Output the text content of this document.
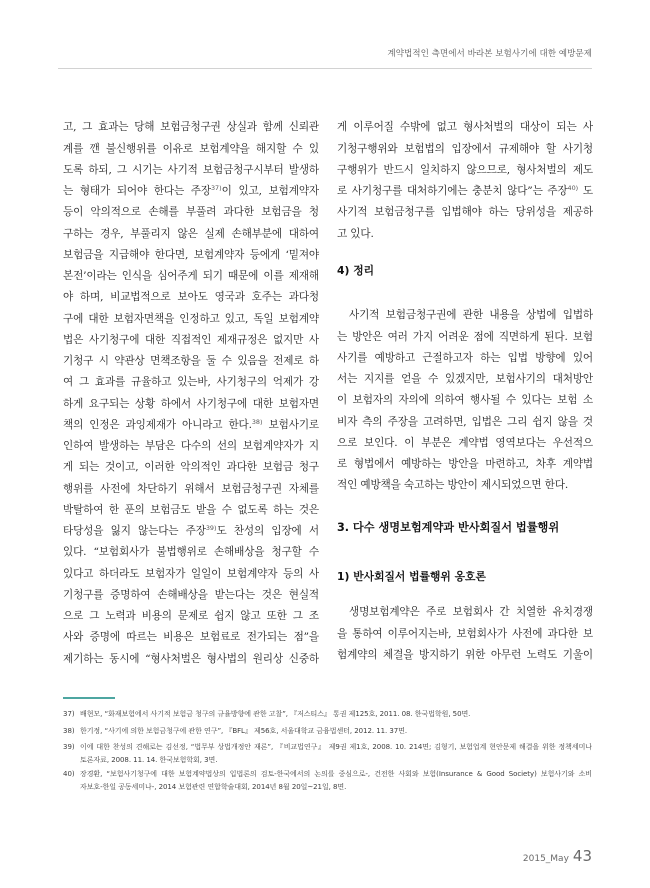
계약법적인 측면에서 바라본 보험사기에 대한 예방문제
고, 그 효과는 당해 보험금청구권 상실과 함께 신뢰관
계를 깬 불신행위를 이유로 보험계약을 해지할 수 있
도록 하되, 그 시기는 사기적 보험금청구시부터 발생하
는 형태가 되어야 한다는 주장$^{37)}$이 있고, 보험계약자
등이 악의적으로 손해를 부풀려 과다한 보험금을 청
구하는 경우, 부풀리지 않은 실제 손해부분에 대하여
보험금을 지급해야 한다면, 보험계약자 등에게 ‘밑져야
본전’이라는 인식을 심어주게 되기 때문에 이를 제재해
야 하며, 비교법적으로 보아도 영국과 호주는 과다청
구에 대한 보험자면책을 인정하고 있고, 독일 보험계약
법은 사기청구에 대한 직접적인 제재규정은 없지만 사
기청구 시 약관상 면책조항을 둘 수 있음을 전제로 하
여 그 효과를 규율하고 있는바, 사기청구의 억제가 강
하게 요구되는 상황 하에서 사기청구에 대한 보험자면
책의 인정은 과잉제재가 아니라고 한다.$^{38)}$ 보험사기로
인하여 발생하는 부담은 다수의 선의 보험계약자가 지
게 되는 것이고, 이러한 악의적인 과다한 보험금 청구
행위를 사전에 차단하기 위해서 보험금청구권 자체를
박탈하여 한 푼의 보험금도 받을 수 없도록 하는 것은
타당성을 잃지 않는다는 주장$^{39)}$도 찬성의 입장에 서
있다. “보험회사가 불법행위로 손해배상을 청구할 수
있다고 하더라도 보험자가 일일이 보험계약자 등의 사
기청구를 증명하여 손해배상을 받는다는 것은 현실적
으로 그 노력과 비용의 문제로 쉽지 않고 또한 그 조
사와 증명에 따르는 비용은 보험료로 전가되는 점”을
제기하는 동시에 “형사처벌은 형사법의 원리상 신중하
게 이루어질 수밖에 없고 형사처벌의 대상이 되는 사
기청구행위와 보험법의 입장에서 규제해야 할 사기청
구행위가 반드시 일치하지 않으므로, 형사처벌의 제도
로 사기청구를 대처하기에는 충분치 않다”는 주장$^{40)}$ 도
사기적 보험금청구를 입법해야 하는 당위성을 제공하
고 있다.
4) 정리
사기적 보험금청구권에 관한 내용을 상법에 입법하
는 방안은 여러 가지 어려운 점에 직면하게 된다. 보험
사기를 예방하고 근절하고자 하는 입법 방향에 있어
서는 지지를 얻을 수 있겠지만, 보험사기의 대처방안
이 보험자의 자의에 의하여 행사될 수 있다는 보험 소
비자 측의 주장을 고려하면, 입법은 그리 쉽지 않을 것
으로 보인다. 이 부분은 계약법 영역보다는 우선적으
로 형법에서 예방하는 방안을 마련하고, 차후 계약법
적인 예방책을 숙고하는 방안이 제시되었으면 한다.
3. 다수 생명보험계약과 반사회질서 법률행위
1) 반사회질서 법률행위 옹호론
생명보험계약은 주로 보험회사 간 치열한 유치경쟁
을 통하여 이루어지는바, 보험회사가 사전에 과다한 보
험계약의 체결을 방지하기 위한 아무런 노력도 기울이
37) 배현모, “화재보험에서 사기적 보험금 청구의 규율방향에 관한 고찰”, 『저스티스』 통권 제125호, 2011. 08. 한국법학원, 50면.
38) 한기정, “사기에 의한 보험금청구에 관한 연구”, 『BFL』 제56호, 서울대학교 금융법센터, 2012. 11. 37면.
39) 이에 대한 찬성의 견해로는 김선정, “법무부 상법개정안 재론”, 『비교법연구』 제9권 제1호, 2008. 10. 214면; 김형기, 보험업계 현안문제 해결을 위한 정책세미나
토론자료, 2008. 11. 14. 한국보험학회, 3면.
40) 장경환, “보험사기청구에 대한 보험계약법상의 입법론의 검토-한국에서의 논의를 중심으로-, 건전한 사회와 보험(Insurance & Good Society) 보험사기와 소비
자보호-한일 공동세미나-, 2014 보험관련 연합학술대회, 2014년 8월 20일~21일, 8면.
2015_May 43
